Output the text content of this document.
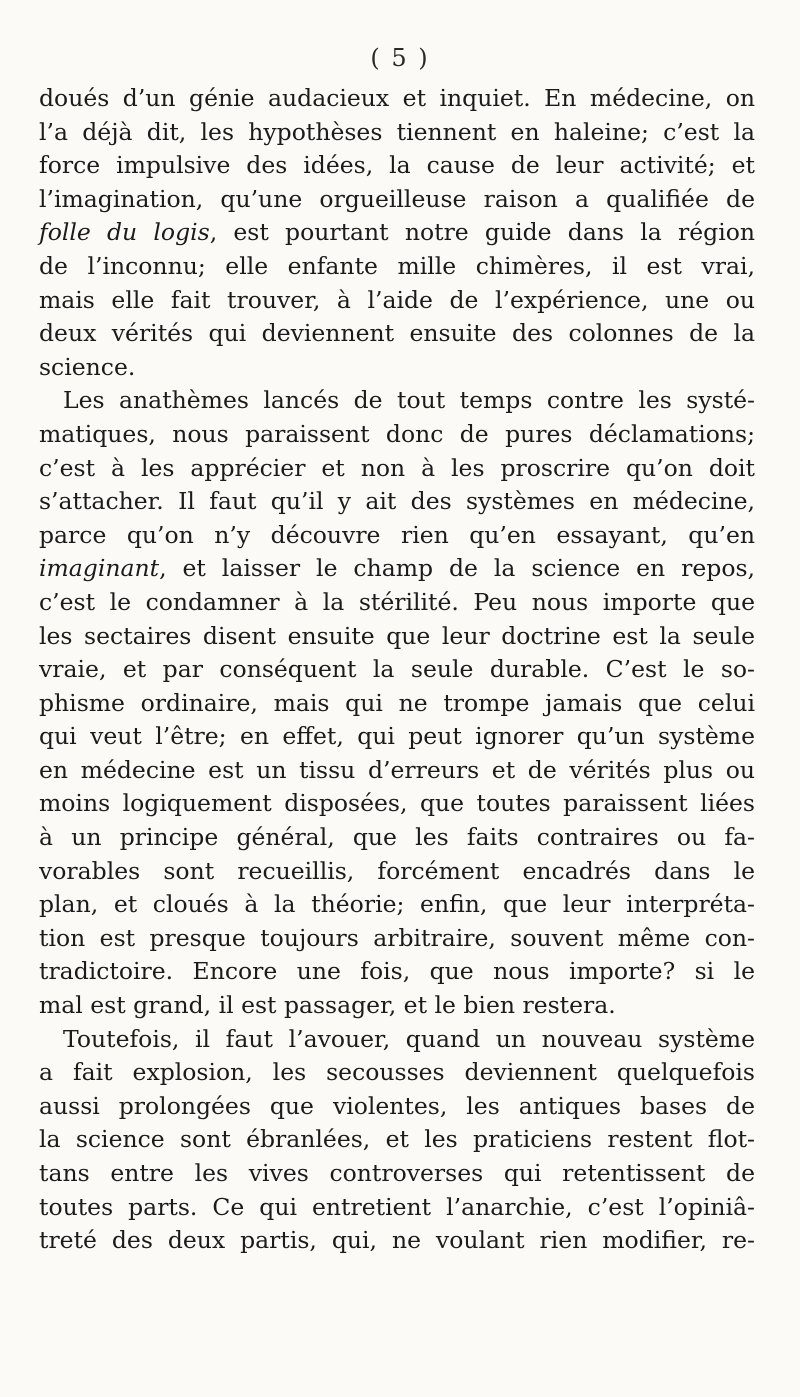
( 5 )
doués d’un génie audacieux et inquiet. En médecine, on
l’a déjà dit, les hypothèses tiennent en haleine; c’est la
force impulsive des idées, la cause de leur activité; et
l’imagination, qu’une orgueilleuse raison a qualifiée de
folle du logis, est pourtant notre guide dans la région
de l’inconnu; elle enfante mille chimères, il est vrai,
mais elle fait trouver, à l’aide de l’expérience, une ou
deux vérités qui deviennent ensuite des colonnes de la
science.
Les anathèmes lancés de tout temps contre les systé-
matiques, nous paraissent donc de pures déclamations;
c’est à les apprécier et non à les proscrire qu’on doit
s’attacher. Il faut qu’il y ait des systèmes en médecine,
parce qu’on n’y découvre rien qu’en essayant, qu’en
imaginant, et laisser le champ de la science en repos,
c’est le condamner à la stérilité. Peu nous importe que
les sectaires disent ensuite que leur doctrine est la seule
vraie, et par conséquent la seule durable. C’est le so-
phisme ordinaire, mais qui ne trompe jamais que celui
qui veut l’être; en effet, qui peut ignorer qu’un système
en médecine est un tissu d’erreurs et de vérités plus ou
moins logiquement disposées, que toutes paraissent liées
à un principe général, que les faits contraires ou fa-
vorables sont recueillis, forcément encadrés dans le
plan, et cloués à la théorie; enfin, que leur interpréta-
tion est presque toujours arbitraire, souvent même con-
tradictoire. Encore une fois, que nous importe? si le
mal est grand, il est passager, et le bien restera.
Toutefois, il faut l’avouer, quand un nouveau système
a fait explosion, les secousses deviennent quelquefois
aussi prolongées que violentes, les antiques bases de
la science sont ébranlées, et les praticiens restent flot-
tans entre les vives controverses qui retentissent de
toutes parts. Ce qui entretient l’anarchie, c’est l’opiniâ-
treté des deux partis, qui, ne voulant rien modifier, re-
